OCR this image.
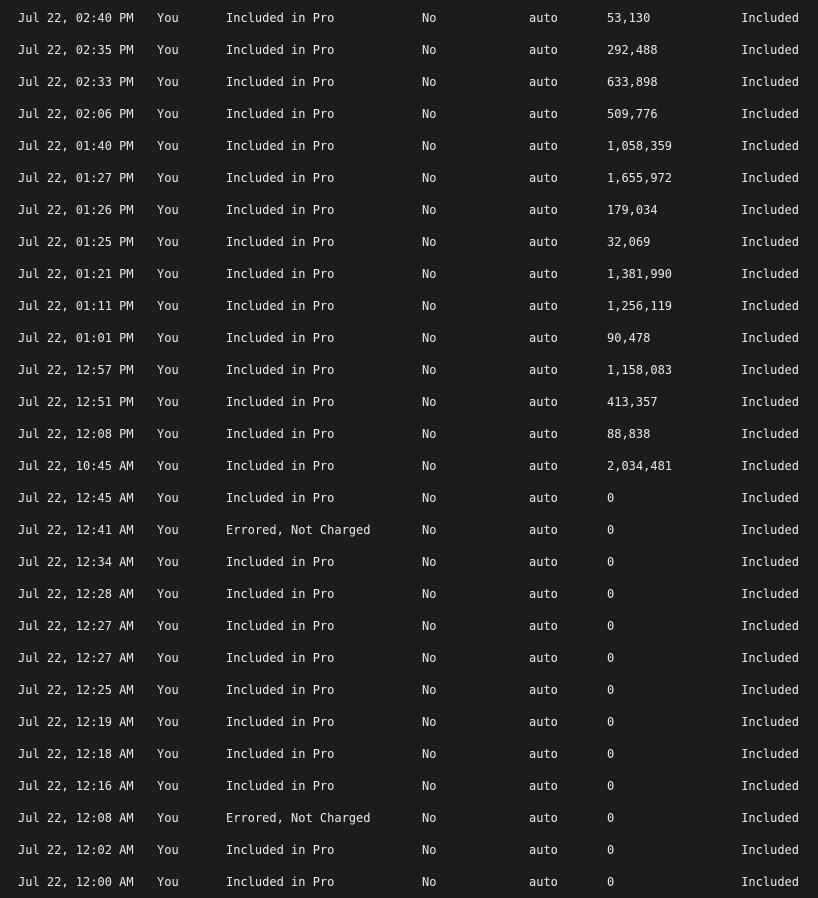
Jul 22, 02:40 PM You	Included in Pro	No	auto	53,130	Included
Jul 22, 02:35 PM You	Included in Pro	No	auto	292,488	Included
Jul 22, 02:33 PM You	Included in Pro	No	auto	633,898	Included
Jul 22, 02:06 PM You	Included in Pro	No	auto	509,776	Included
Jul 22, 01:40 PM You	Included in Pro	No	auto	1,058,359	Included
Jul 22, 01:27 PM You	Included in Pro	No	auto	1,655,972	Included
Jul 22, 01:26 PM You	Included in Pro	No	auto	179,034	Included
Jul 22, 01:25 PM You	Included in Pro	No	auto	32,069	Included
Jul 22, 01:21 PM You	Included in Pro	No	auto	1,381,990	Included
Jul 22, 01:11 PM You	Included in Pro	No	auto	1,256,119	Included
Jul 22, 01:01 PM You	Included in Pro	No	auto	90,478	Included
Jul 22, 12:57 PM You	Included in Pro	No	auto	1,158,083	Included
Jul 22, 12:51 PM You	Included in Pro	No	auto	413,357	Included
Jul 22, 12:08 PM You	Included in Pro	No	auto	88,838	Included
Jul 22, 10:45 AM You	Included in Pro	No	auto	2,034,481	Included
Jul 22, 12:45 AM You	Included in Pro	No	auto	0	Included
Jul 22, 12:41 AM You	Errored, Not Charged	No	auto	0	Included
Jul 22, 12:34 AM You	Included in Pro	No	auto	0	Included
Jul 22, 12:28 AM You	Included in Pro	No	auto	0	Included
Jul 22, 12:27 AM You	Included in Pro	No	auto	0	Included
Jul 22, 12:27 AM You	Included in Pro	No	auto	0	Included
Jul 22, 12:25 AM You	Included in Pro	No	auto	0	Included
Jul 22, 12:19 AM You	Included in Pro	No	auto	0	Included
Jul 22, 12:18 AM You	Included in Pro	No	auto	0	Included
Jul 22, 12:16 AM You	Included in Pro	No	auto	0	Included
Jul 22, 12:08 AM You	Errored, Not Charged	No	auto	0	Included
Jul 22, 12:02 AM You	Included in Pro	No	auto	0	Included
Jul 22, 12:00 AM You	Included in Pro	No	auto	0	Included
